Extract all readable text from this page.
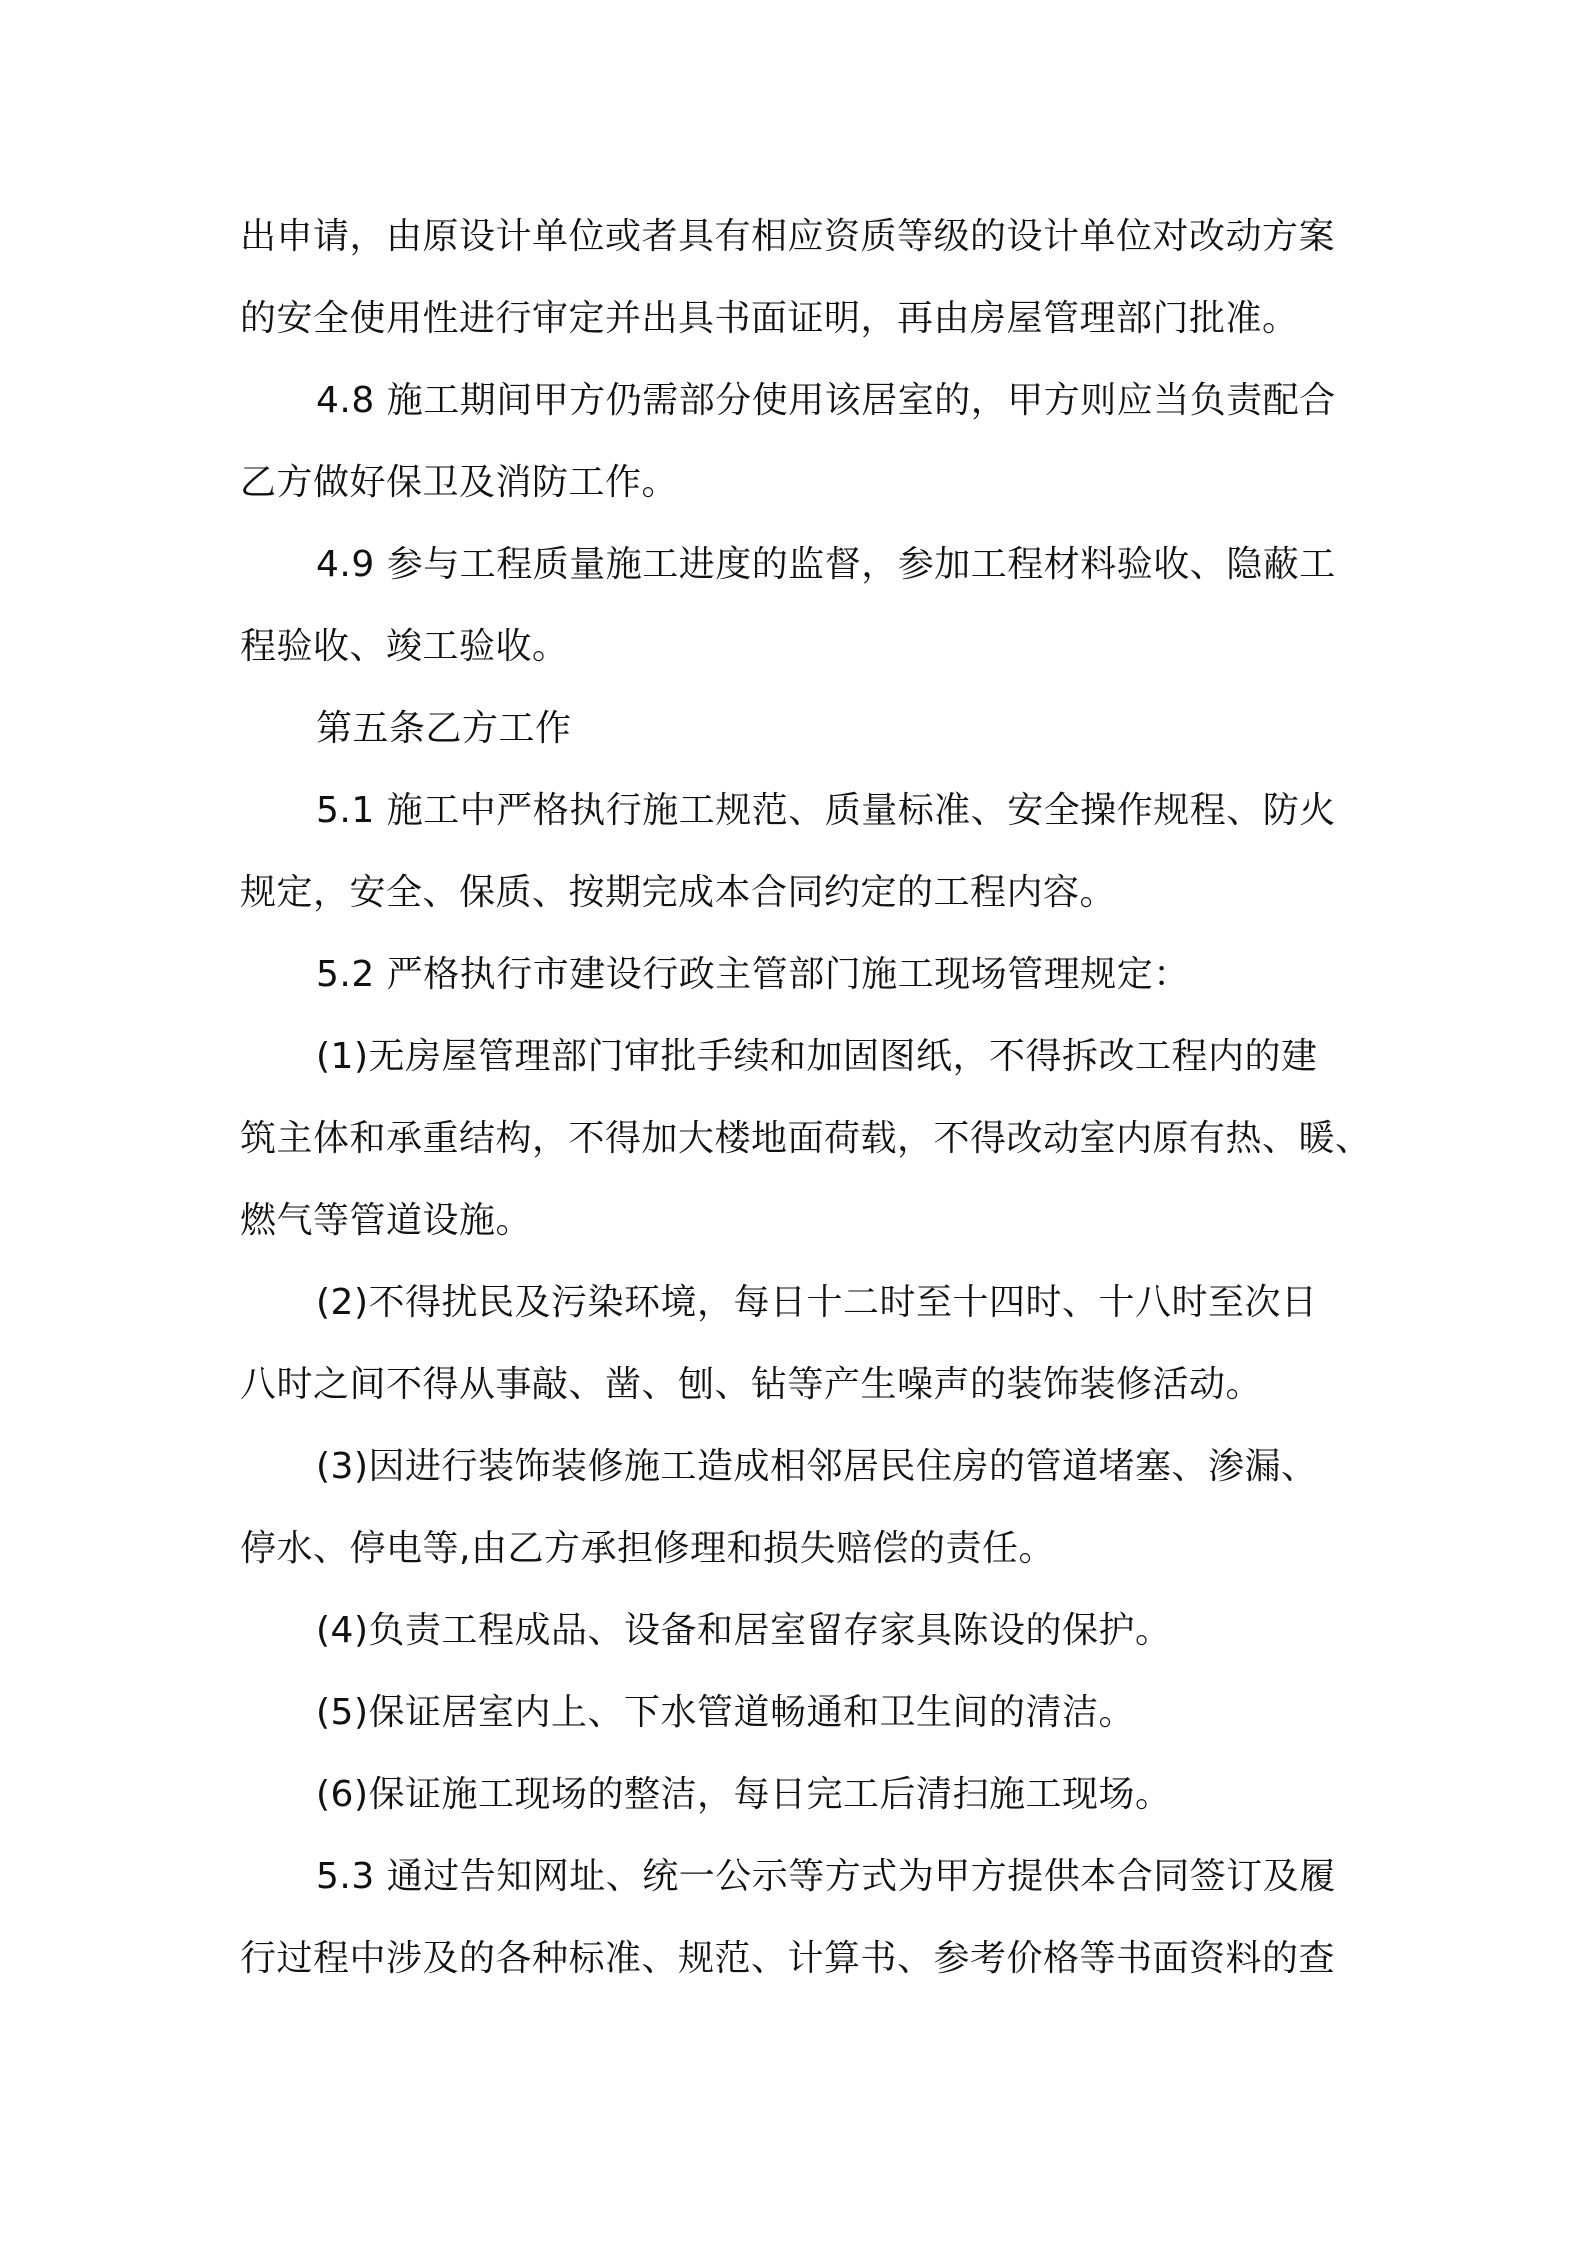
出申请，由原设计单位或者具有相应资质等级的设计单位对改动方案
的安全使用性进行审定并出具书面证明，再由房屋管理部门批准。
4.8 施工期间甲方仍需部分使用该居室的，甲方则应当负责配合
乙方做好保卫及消防工作。
4.9 参与工程质量施工进度的监督，参加工程材料验收、隐蔽工
程验收、竣工验收。
第五条乙方工作
5.1 施工中严格执行施工规范、质量标准、安全操作规程、防火
规定，安全、保质、按期完成本合同约定的工程内容。
5.2 严格执行市建设行政主管部门施工现场管理规定：
(1)无房屋管理部门审批手续和加固图纸，不得拆改工程内的建
筑主体和承重结构，不得加大楼地面荷载，不得改动室内原有热、暖、
燃气等管道设施。
(2)不得扰民及污染环境，每日十二时至十四时、十八时至次日
八时之间不得从事敲、凿、刨、钻等产生噪声的装饰装修活动。
(3)因进行装饰装修施工造成相邻居民住房的管道堵塞、渗漏、
停水、停电等,由乙方承担修理和损失赔偿的责任。
(4)负责工程成品、设备和居室留存家具陈设的保护。
(5)保证居室内上、下水管道畅通和卫生间的清洁。
(6)保证施工现场的整洁，每日完工后清扫施工现场。
5.3 通过告知网址、统一公示等方式为甲方提供本合同签订及履
行过程中涉及的各种标准、规范、计算书、参考价格等书面资料的查
